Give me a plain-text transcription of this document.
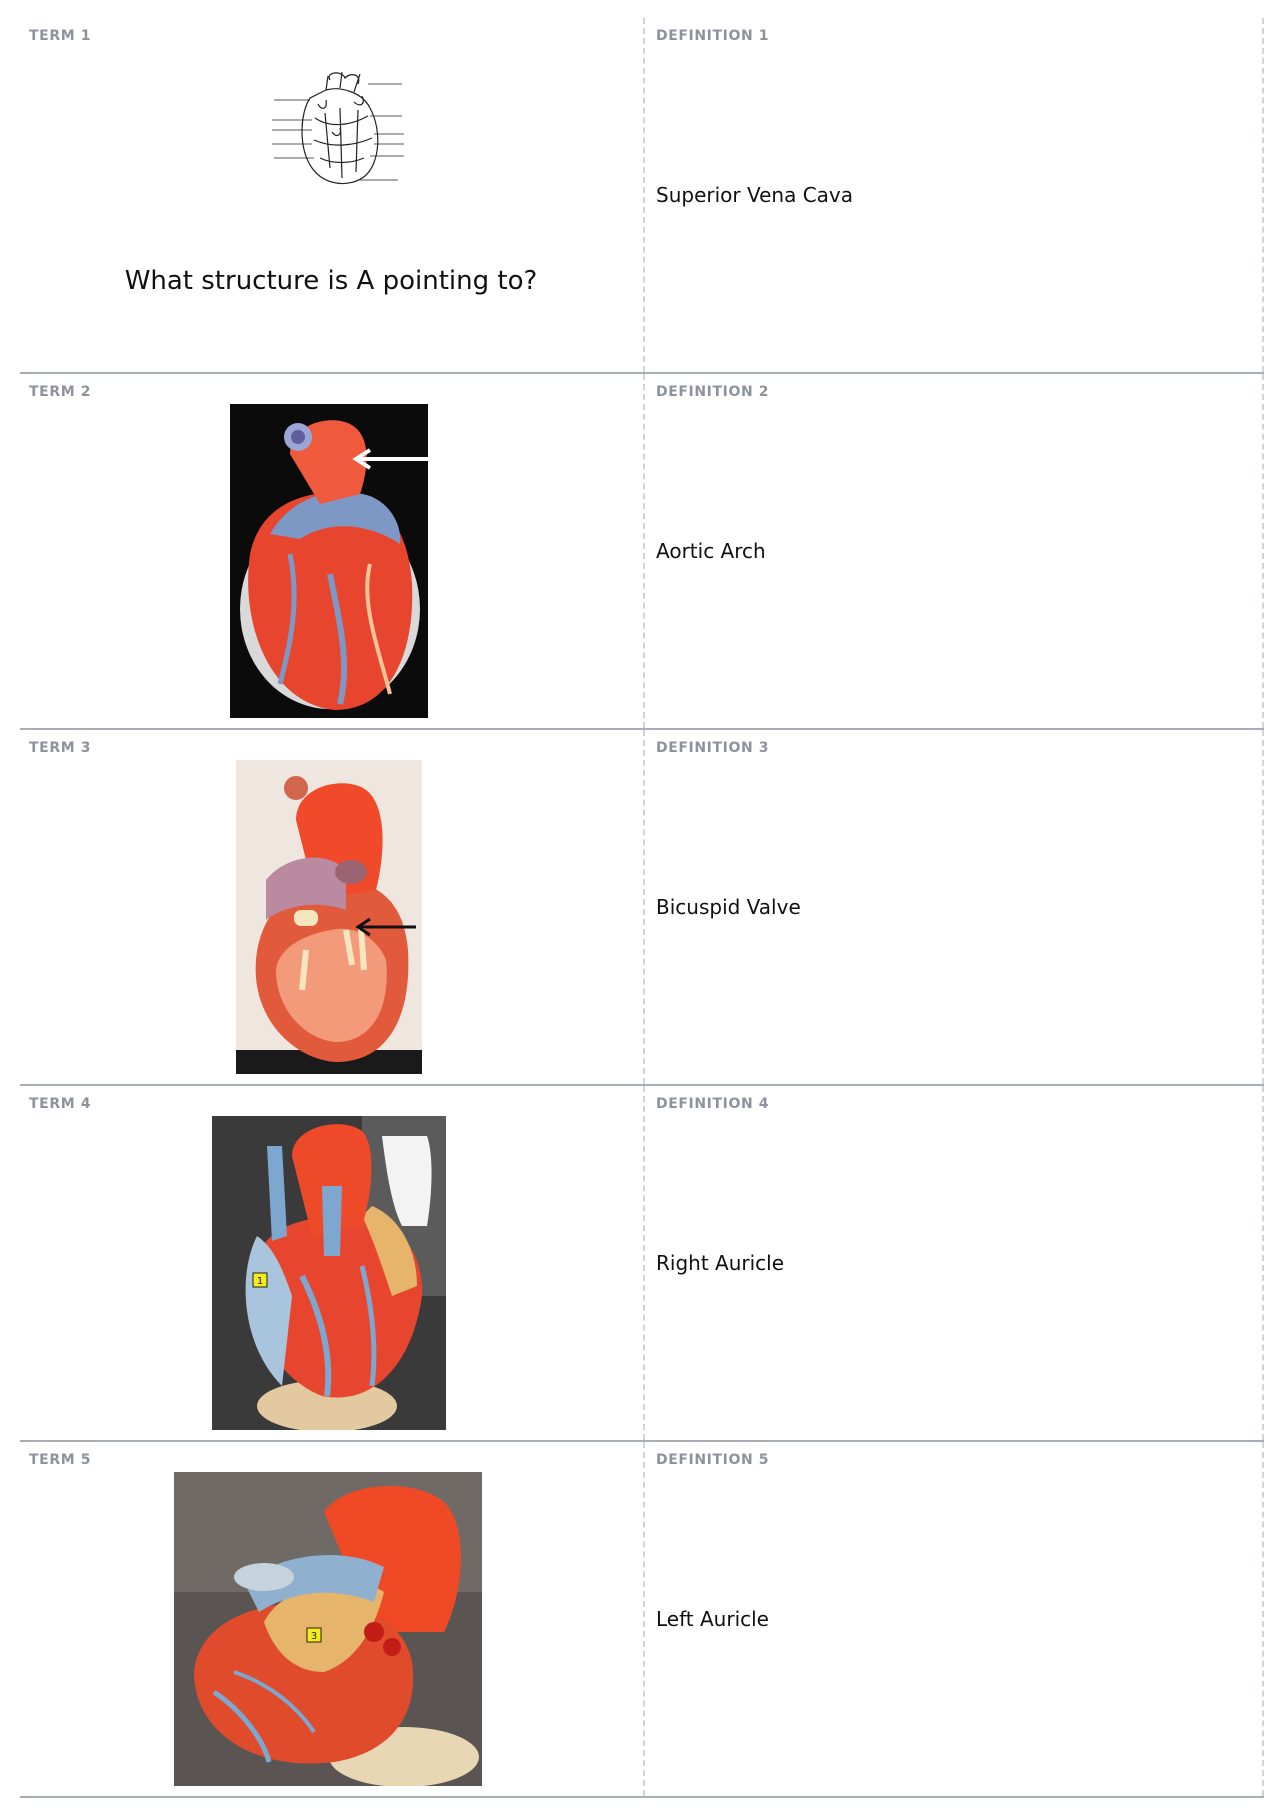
TERM 1
What structure is A pointing to?
DEFINITION 1
Superior Vena Cava
TERM 2	DEFINITION 2
Aortic Arch
TERM 3	DEFINITION 3
Bicuspid Valve
TERM 4
1
DEFINITION 4
Right Auricle
TERM 5
3
DEFINITION 5
Left Auricle
